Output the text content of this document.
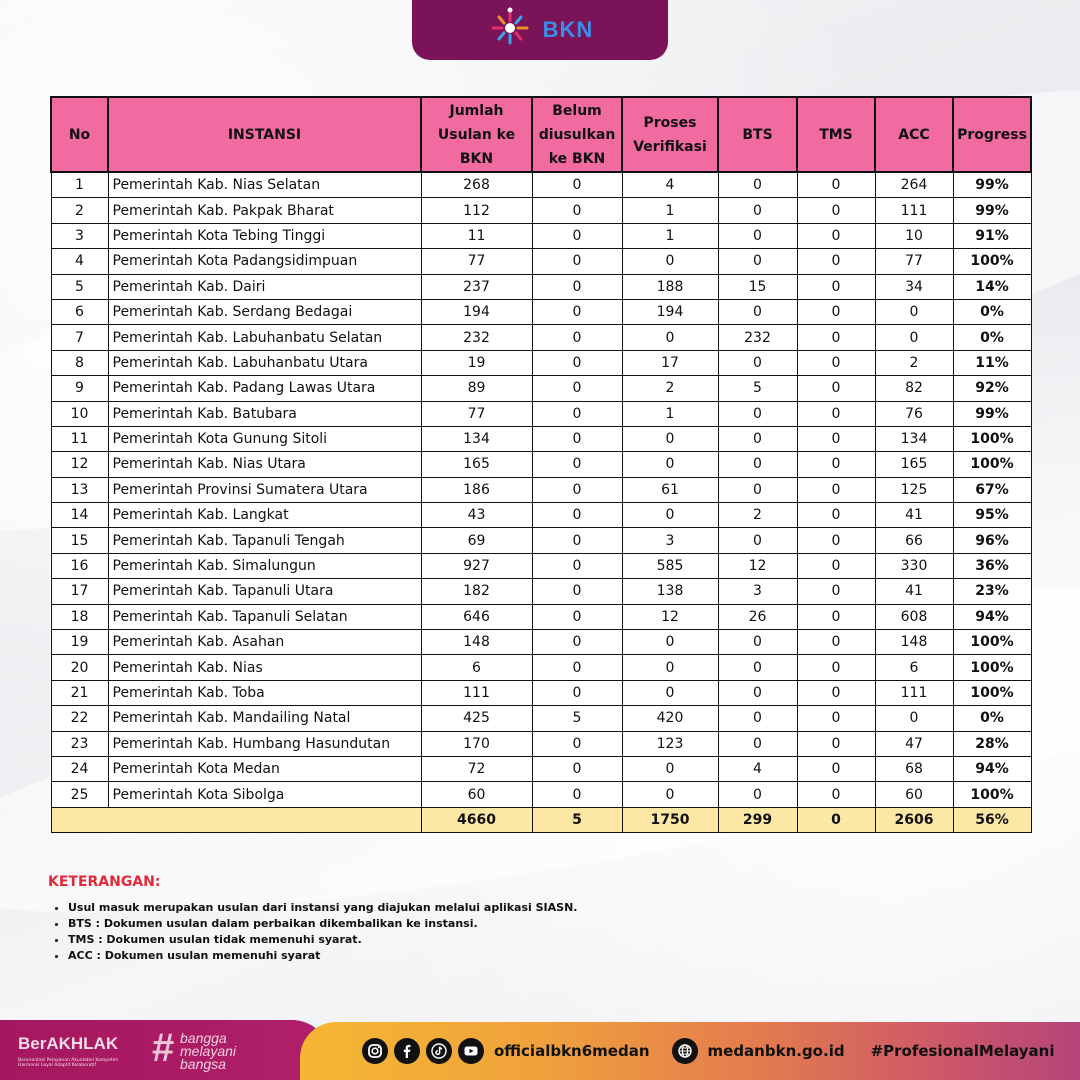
BKN
No	INSTANSI	Jumlah Usulan ke BKN	Belum diusulkan ke BKN	Proses Verifikasi	BTS	TMS	ACC	Progress
1	Pemerintah Kab. Nias Selatan	268	0	4	0	0	264	99%
2	Pemerintah Kab. Pakpak Bharat	112	0	1	0	0	111	99%
3	Pemerintah Kota Tebing Tinggi	11	0	1	0	0	10	91%
4	Pemerintah Kota Padangsidimpuan	77	0	0	0	0	77	100%
5	Pemerintah Kab. Dairi	237	0	188	15	0	34	14%
6	Pemerintah Kab. Serdang Bedagai	194	0	194	0	0	0	0%
7	Pemerintah Kab. Labuhanbatu Selatan	232	0	0	232	0	0	0%
8	Pemerintah Kab. Labuhanbatu Utara	19	0	17	0	0	2	11%
9	Pemerintah Kab. Padang Lawas Utara	89	0	2	5	0	82	92%
10	Pemerintah Kab. Batubara	77	0	1	0	0	76	99%
11	Pemerintah Kota Gunung Sitoli	134	0	0	0	0	134	100%
12	Pemerintah Kab. Nias Utara	165	0	0	0	0	165	100%
13	Pemerintah Provinsi Sumatera Utara	186	0	61	0	0	125	67%
14	Pemerintah Kab. Langkat	43	0	0	2	0	41	95%
15	Pemerintah Kab. Tapanuli Tengah	69	0	3	0	0	66	96%
16	Pemerintah Kab. Simalungun	927	0	585	12	0	330	36%
17	Pemerintah Kab. Tapanuli Utara	182	0	138	3	0	41	23%
18	Pemerintah Kab. Tapanuli Selatan	646	0	12	26	0	608	94%
19	Pemerintah Kab. Asahan	148	0	0	0	0	148	100%
20	Pemerintah Kab. Nias	6	0	0	0	0	6	100%
21	Pemerintah Kab. Toba	111	0	0	0	0	111	100%
22	Pemerintah Kab. Mandailing Natal	425	5	420	0	0	0	0%
23	Pemerintah Kab. Humbang Hasundutan	170	0	123	0	0	47	28%
24	Pemerintah Kota Medan	72	0	0	4	0	68	94%
25	Pemerintah Kota Sibolga	60	0	0	0	0	60	100%
		4660	5	1750	299	0	2606	56%
KETERANGAN:
• Usul masuk merupakan usulan dari instansi yang diajukan melalui aplikasi SIASN.
• BTS : Dokumen usulan dalam perbaikan dikembalikan ke instansi.
• TMS : Dokumen usulan tidak memenuhi syarat.
• ACC : Dokumen usulan memenuhi syarat
BerAKHLAK
Berorientasi Pelayanan Akuntabel Kompeten Harmonis Loyal Adaptif Kolaboratif	# bangga melayani bangsa
officialbkn6medan	medanbkn.go.id #ProfesionalMelayani
